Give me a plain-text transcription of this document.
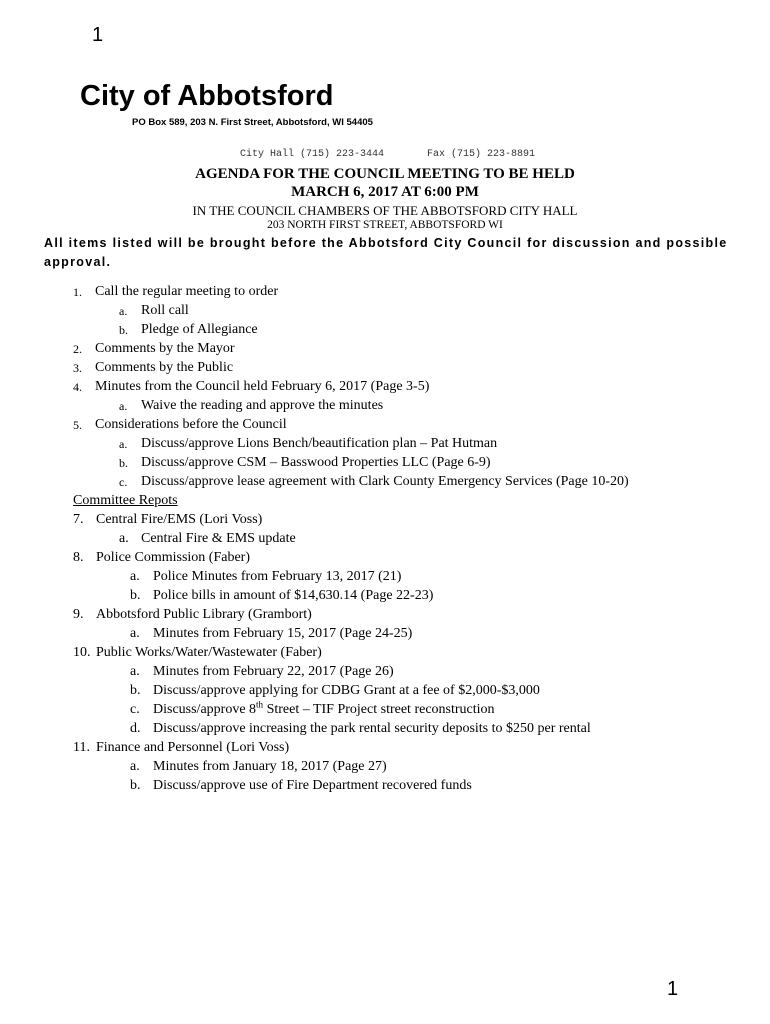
1
City of Abbotsford
PO Box 589, 203 N. First Street, Abbotsford, WI 54405
City Hall (715) 223-3444	Fax (715) 223-8891
AGENDA FOR THE COUNCIL MEETING TO BE HELD
MARCH 6, 2017 AT 6:00 PM
IN THE COUNCIL CHAMBERS OF THE ABBOTSFORD CITY HALL
203 NORTH FIRST STREET, ABBOTSFORD WI
All items listed will be brought before the Abbotsford City Council for discussion and possible approval.
1. Call the regular meeting to order
a. Roll call
b. Pledge of Allegiance
2. Comments by the Mayor
3. Comments by the Public
4. Minutes from the Council held February 6, 2017 (Page 3-5)
a. Waive the reading and approve the minutes
5. Considerations before the Council
a. Discuss/approve Lions Bench/beautification plan – Pat Hutman
b. Discuss/approve CSM – Basswood Properties LLC (Page 6-9)
c. Discuss/approve lease agreement with Clark County Emergency Services (Page 10-20)
Committee Repots
7. Central Fire/EMS (Lori Voss)
a. Central Fire & EMS update
8. Police Commission (Faber)
a. Police Minutes from February 13, 2017 (21)
b. Police bills in amount of $14,630.14 (Page 22-23)
9. Abbotsford Public Library (Grambort)
a. Minutes from February 15, 2017 (Page 24-25)
10. Public Works/Water/Wastewater (Faber)
a. Minutes from February 22, 2017 (Page 26)
b. Discuss/approve applying for CDBG Grant at a fee of $2,000-$3,000
c. Discuss/approve 8th Street – TIF Project street reconstruction
d. Discuss/approve increasing the park rental security deposits to $250 per rental
11. Finance and Personnel (Lori Voss)
a. Minutes from January 18, 2017 (Page 27)
b. Discuss/approve use of Fire Department recovered funds
1
